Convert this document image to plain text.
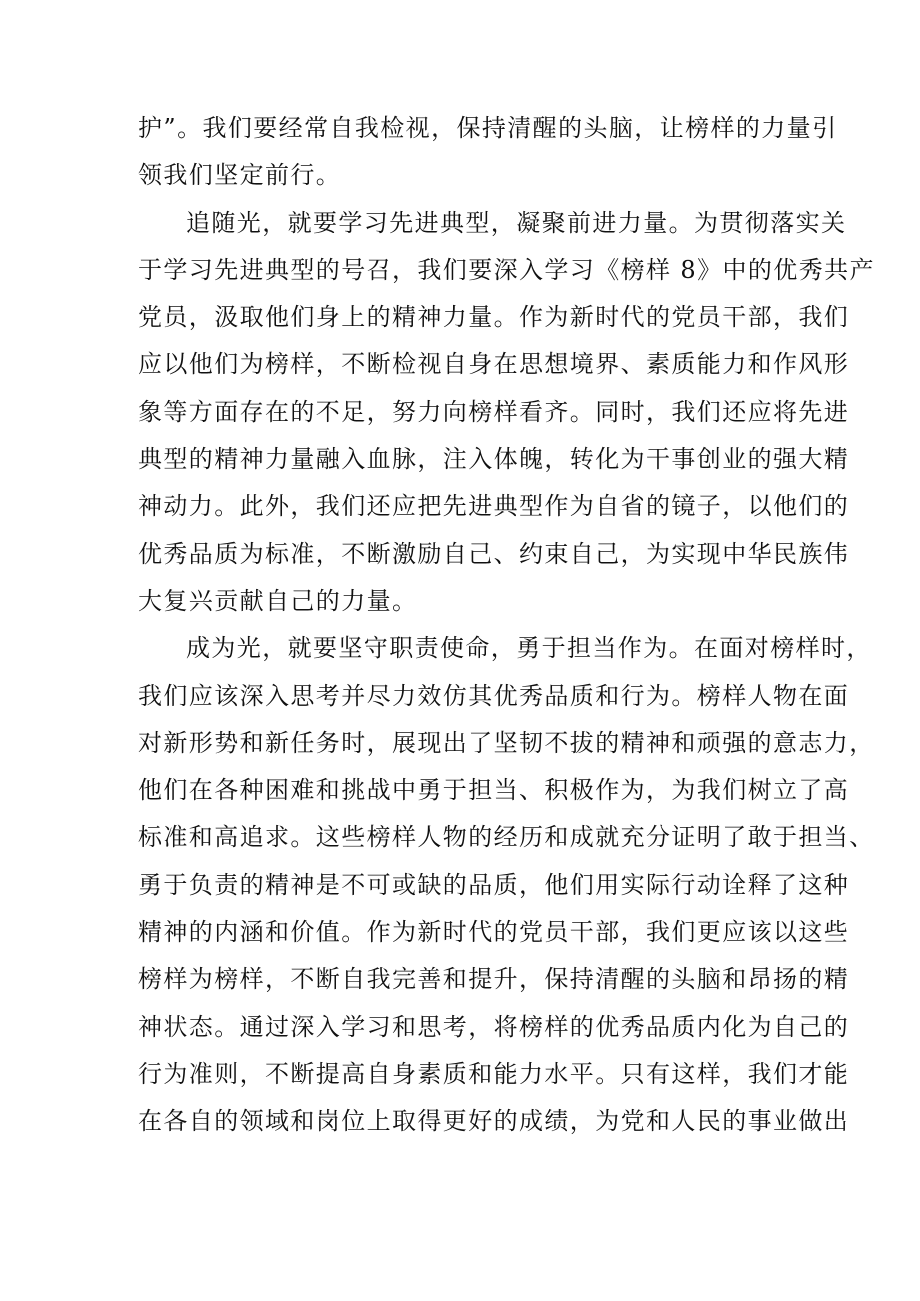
护”。我们要经常自我检视，保持清醒的头脑，让榜样的力量引
领我们坚定前行。
追随光，就要学习先进典型，凝聚前进力量。为贯彻落实关
于学习先进典型的号召，我们要深入学习《榜样 8》中的优秀共产
党员，汲取他们身上的精神力量。作为新时代的党员干部，我们
应以他们为榜样，不断检视自身在思想境界、素质能力和作风形
象等方面存在的不足，努力向榜样看齐。同时，我们还应将先进
典型的精神力量融入血脉，注入体魄，转化为干事创业的强大精
神动力。此外，我们还应把先进典型作为自省的镜子，以他们的
优秀品质为标准，不断激励自己、约束自己，为实现中华民族伟
大复兴贡献自己的力量。
成为光，就要坚守职责使命，勇于担当作为。在面对榜样时，
我们应该深入思考并尽力效仿其优秀品质和行为。榜样人物在面
对新形势和新任务时，展现出了坚韧不拔的精神和顽强的意志力，
他们在各种困难和挑战中勇于担当、积极作为，为我们树立了高
标准和高追求。这些榜样人物的经历和成就充分证明了敢于担当、
勇于负责的精神是不可或缺的品质，他们用实际行动诠释了这种
精神的内涵和价值。作为新时代的党员干部，我们更应该以这些
榜样为榜样，不断自我完善和提升，保持清醒的头脑和昂扬的精
神状态。通过深入学习和思考，将榜样的优秀品质内化为自己的
行为准则，不断提高自身素质和能力水平。只有这样，我们才能
在各自的领域和岗位上取得更好的成绩，为党和人民的事业做出
